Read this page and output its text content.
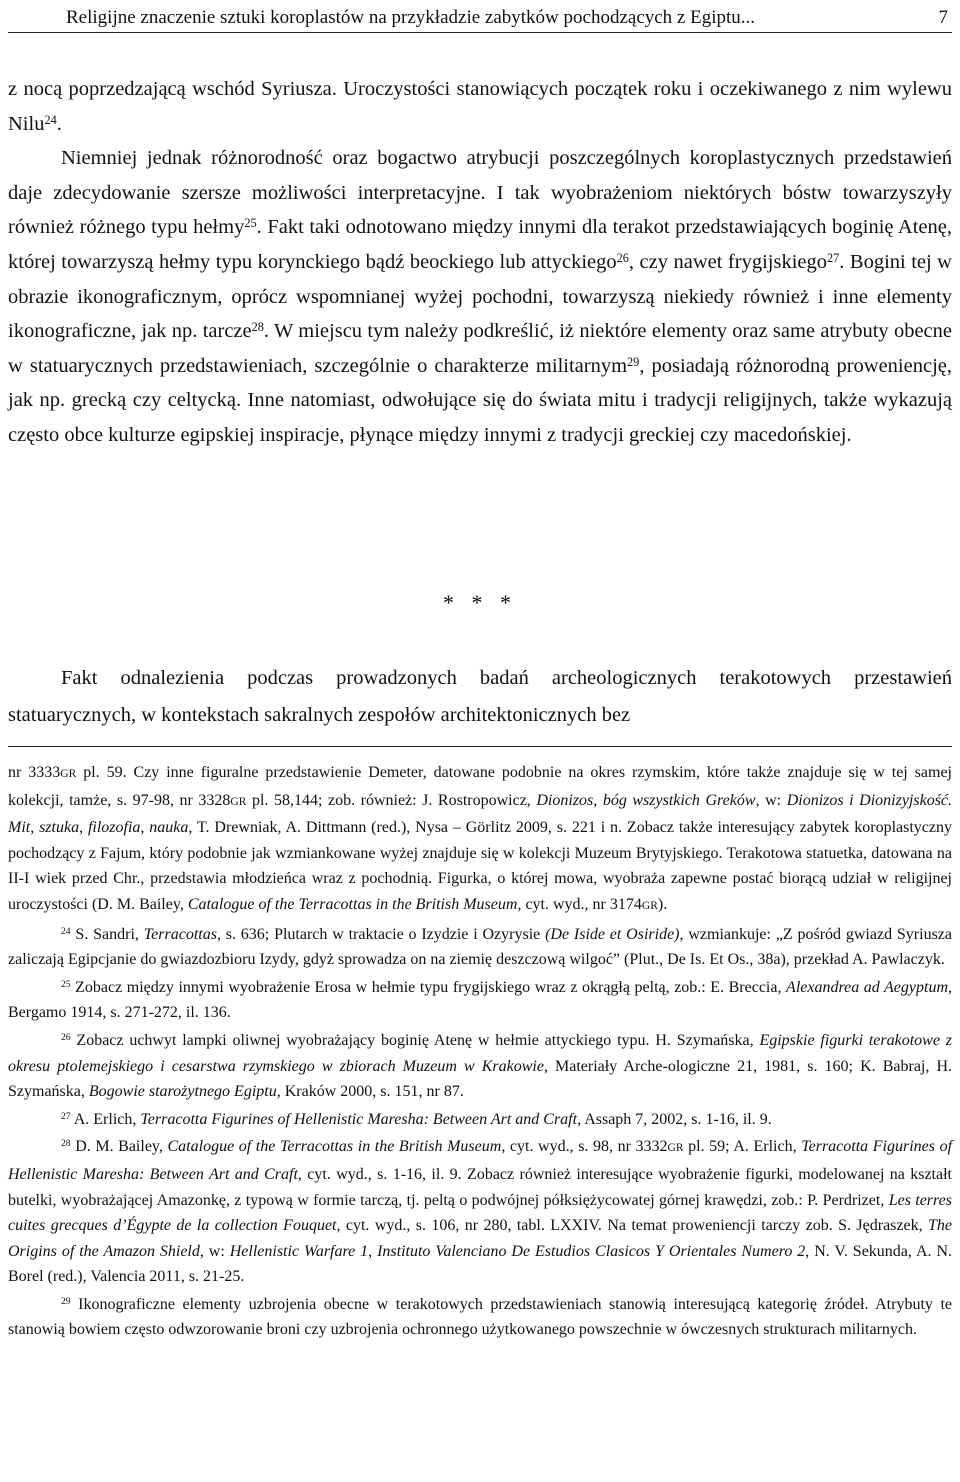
Religijne znaczenie sztuki koroplastów na przykładzie zabytków pochodzących z Egiptu...	7

z nocą poprzedzającą wschód Syriusza. Uroczystości stanowiących początek roku i oczekiwanego z nim wylewu Nilu$^{24}$.

Niemniej jednak różnorodność oraz bogactwo atrybucji poszczególnych koroplastycznych przedstawień daje zdecydowanie szersze możliwości interpretacyjne. I tak wyobrażeniom niektórych bóstw towarzyszyły również różnego typu hełmy$^{25}$. Fakt taki odnotowano między innymi dla terakot przedstawiających boginię Atenę, której towarzyszą hełmy typu korynckiego bądź beockiego lub attyckiego$^{26}$, czy nawet frygijskiego$^{27}$. Bogini tej w obrazie ikonograficznym, oprócz wspomnianej wyżej pochodni, towarzyszą niekiedy również i inne elementy ikonograficzne, jak np. tarcze$^{28}$. W miejscu tym należy podkreślić, iż niektóre elementy oraz same atrybuty obecne w statuarycznych przedstawieniach, szczególnie o charakterze militarnym$^{29}$, posiadają różnorodną proweniencję, jak np. grecką czy celtycką. Inne natomiast, odwołujące się do świata mitu i tradycji religijnych, także wykazują często obce kulturze egipskiej inspiracje, płynące między innymi z tradycji greckiej czy macedońskiej.

* * *

Fakt odnalezienia podczas prowadzonych badań archeologicznych terakotowych przestawień statuarycznych, w kontekstach sakralnych zespołów architektonicznych bez

nr 3333GR pl. 59. Czy inne figuralne przedstawienie Demeter, datowane podobnie na okres rzymskim, które także znajduje się w tej samej kolekcji, tamże, s. 97-98, nr 3328GR pl. 58,144; zob. również: J. Rostropowicz, Dionizos, bóg wszystkich Greków, w: Dionizos i Dionizyjskość. Mit, sztuka, filozofia, nauka, T. Drewniak, A. Dittmann (red.), Nysa – Görlitz 2009, s. 221 i n. Zobacz także interesujący zabytek koroplastyczny pochodzący z Fajum, który podobnie jak wzmiankowane wyżej znajduje się w kolekcji Muzeum Brytyjskiego. Terakotowa statuetka, datowana na II-I wiek przed Chr., przedstawia młodzieńca wraz z pochodnią. Figurka, o której mowa, wyobraża zapewne postać biorącą udział w religijnej uroczystości (D. M. Bailey, Catalogue of the Terracottas in the British Museum, cyt. wyd., nr 3174GR).

$^{24}$ S. Sandri, Terracottas, s. 636; Plutarch w traktacie o Izydzie i Ozyrysie (De Iside et Osiride), wzmiankuje: „Z pośród gwiazd Syriusza zaliczają Egipcjanie do gwiazdozbioru Izydy, gdyż sprowadza on na ziemię deszczową wilgoć” (Plut., De Is. Et Os., 38a), przekład A. Pawlaczyk.

$^{25}$ Zobacz między innymi wyobrażenie Erosa w hełmie typu frygijskiego wraz z okrągłą peltą, zob.: E. Breccia, Alexandrea ad Aegyptum, Bergamo 1914, s. 271-272, il. 136.

$^{26}$ Zobacz uchwyt lampki oliwnej wyobrażający boginię Atenę w hełmie attyckiego typu. H. Szymańska, Egipskie figurki terakotowe z okresu ptolemejskiego i cesarstwa rzymskiego w zbiorach Muzeum w Krakowie, Materiały Arche-ologiczne 21, 1981, s. 160; K. Babraj, H. Szymańska, Bogowie starożytnego Egiptu, Kraków 2000, s. 151, nr 87.

$^{27}$ A. Erlich, Terracotta Figurines of Hellenistic Maresha: Between Art and Craft, Assaph 7, 2002, s. 1-16, il. 9.

$^{28}$ D. M. Bailey, Catalogue of the Terracottas in the British Museum, cyt. wyd., s. 98, nr 3332GR pl. 59; A. Erlich, Terracotta Figurines of Hellenistic Maresha: Between Art and Craft, cyt. wyd., s. 1-16, il. 9. Zobacz również interesujące wyobrażenie figurki, modelowanej na kształt butelki, wyobrażającej Amazonkę, z typową w formie tarczą, tj. peltą o podwójnej półksiężycowatej górnej krawędzi, zob.: P. Perdrizet, Les terres cuites grecques d’Égypte de la collection Fouquet, cyt. wyd., s. 106, nr 280, tabl. LXXIV. Na temat proweniencji tarczy zob. S. Jędraszek, The Origins of the Amazon Shield, w: Hellenistic Warfare 1, Instituto Valenciano De Estudios Clasicos Y Orientales Numero 2, N. V. Sekunda, A. N. Borel (red.), Valencia 2011, s. 21-25.

$^{29}$ Ikonograficzne elementy uzbrojenia obecne w terakotowych przedstawieniach stanowią interesującą kategorię źródeł. Atrybuty te stanowią bowiem często odwzorowanie broni czy uzbrojenia ochronnego użytkowanego powszechnie w ówczesnych strukturach militarnych.
